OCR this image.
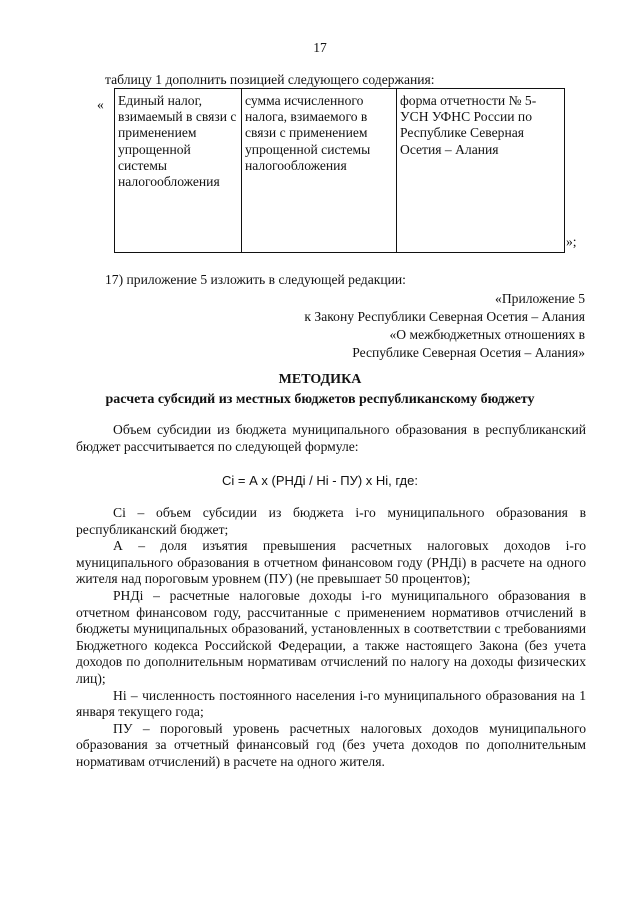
17
таблицу 1 дополнить позицией следующего содержания:
« Единый налог, взимаемый в связи с применением упрощенной системы налогообложения	сумма исчисленного налога, взимаемого в связи с применением упрощенной системы налогообложения	форма отчетности № 5-УСН УФНС России по Республике Северная Осетия – Алания
»;
17) приложение 5 изложить в следующей редакции:
«Приложение 5
к Закону Республики Северная Осетия – Алания
«О межбюджетных отношениях в
Республике Северная Осетия – Алания»
МЕТОДИКА
расчета субсидий из местных бюджетов республиканскому бюджету
Объем субсидии из бюджета муниципального образования в республиканский бюджет рассчитывается по следующей формуле:
Ci = А x (РНДi / Нi - ПУ) x Нi, где:
Ci – объем субсидии из бюджета i-го муниципального образования в республиканский бюджет;
А – доля изъятия превышения расчетных налоговых доходов i-го муниципального образования в отчетном финансовом году (РНДi) в расчете на одного жителя над пороговым уровнем (ПУ) (не превышает 50 процентов);
РНДi – расчетные налоговые доходы i-го муниципального образования в отчетном финансовом году, рассчитанные с применением нормативов отчислений в бюджеты муниципальных образований, установленных в соответствии с требованиями Бюджетного кодекса Российской Федерации, а также настоящего Закона (без учета доходов по дополнительным нормативам отчислений по налогу на доходы физических лиц);
Нi – численность постоянного населения i-го муниципального образования на 1 января текущего года;
ПУ – пороговый уровень расчетных налоговых доходов муниципального образования за отчетный финансовый год (без учета доходов по дополнительным нормативам отчислений) в расчете на одного жителя.
